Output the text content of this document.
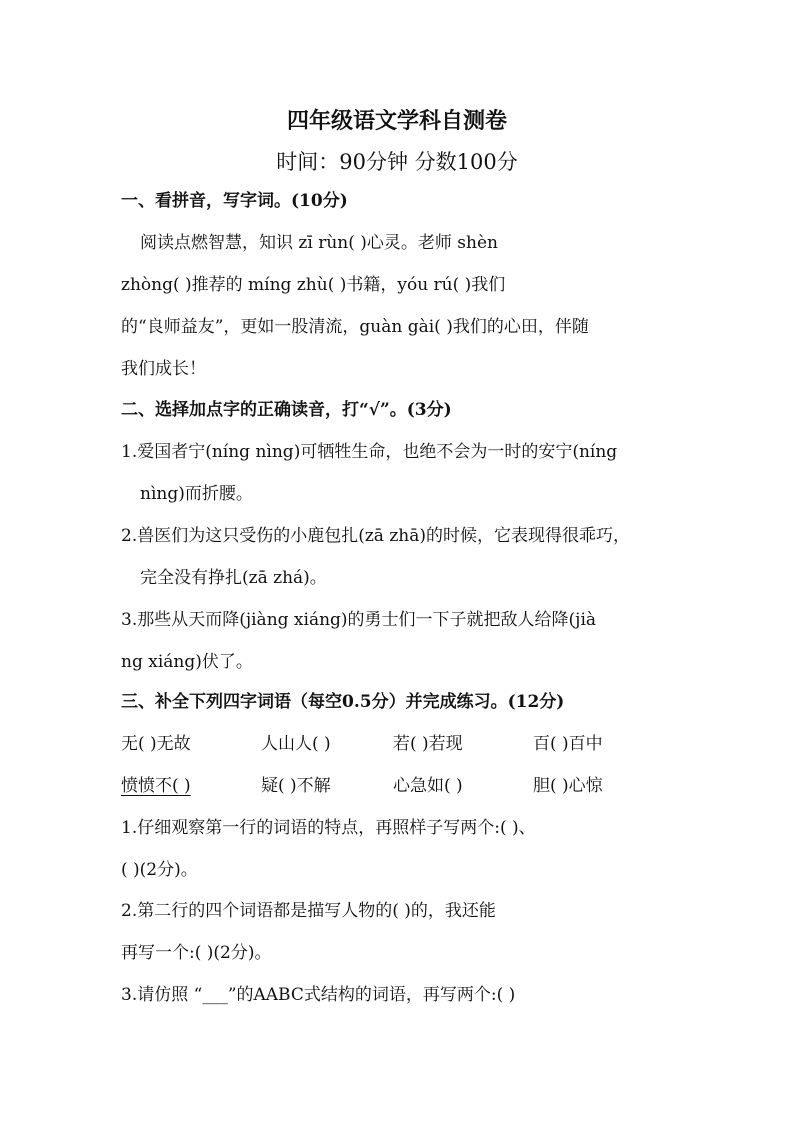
四年级语文学科自测卷
时间：90分钟 分数100分
一、看拼音，写字词。(10分)
阅读点燃智慧，知识 zī rùn( )心灵。老师 shèn
zhòng( )推荐的 míng zhù( )书籍，yóu rú( )我们
的“良师益友”，更如一股清流，guàn gài( )我们的心田，伴随
我们成长！
二、选择加点字的正确读音，打“√”。(3分)
1.爱国者宁(níng nìng)可牺牲生命，也绝不会为一时的安宁(níng
nìng)而折腰。
2.兽医们为这只受伤的小鹿包扎(zā zhā)的时候，它表现得很乖巧，
完全没有挣扎(zā zhá)。
3.那些从天而降(jiàng xiáng)的勇士们一下子就把敌人给降(jià
ng xiáng)伏了。
三、补全下列四字词语（每空0.5分）并完成练习。(12分)
无( )无故	人山人( )	若( )若现	百( )百中
愤愤不( )	疑( )不解	心急如( )	胆( )心惊
1.仔细观察第一行的词语的特点，再照样子写两个:( )、
( )(2分)。
2.第二行的四个词语都是描写人物的( )的，我还能
再写一个:( )(2分)。
3.请仿照 “___”的AABC式结构的词语，再写两个:( )
